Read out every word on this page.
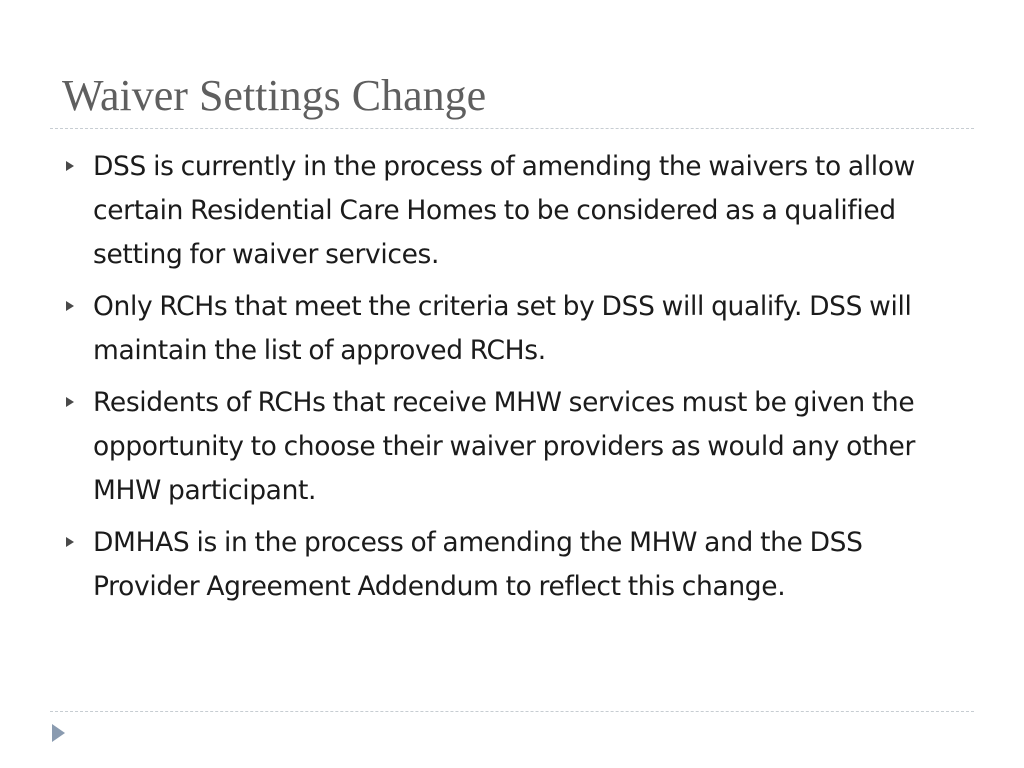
Waiver Settings Change
DSS is currently in the process of amending the waivers to allow certain Residential Care Homes to be considered as a qualified setting for waiver services.
Only RCHs that meet the criteria set by DSS will qualify. DSS will maintain the list of approved RCHs.
Residents of RCHs that receive MHW services must be given the opportunity to choose their waiver providers as would any other MHW participant.
DMHAS is in the process of amending the MHW and the DSS Provider Agreement Addendum to reflect this change.
